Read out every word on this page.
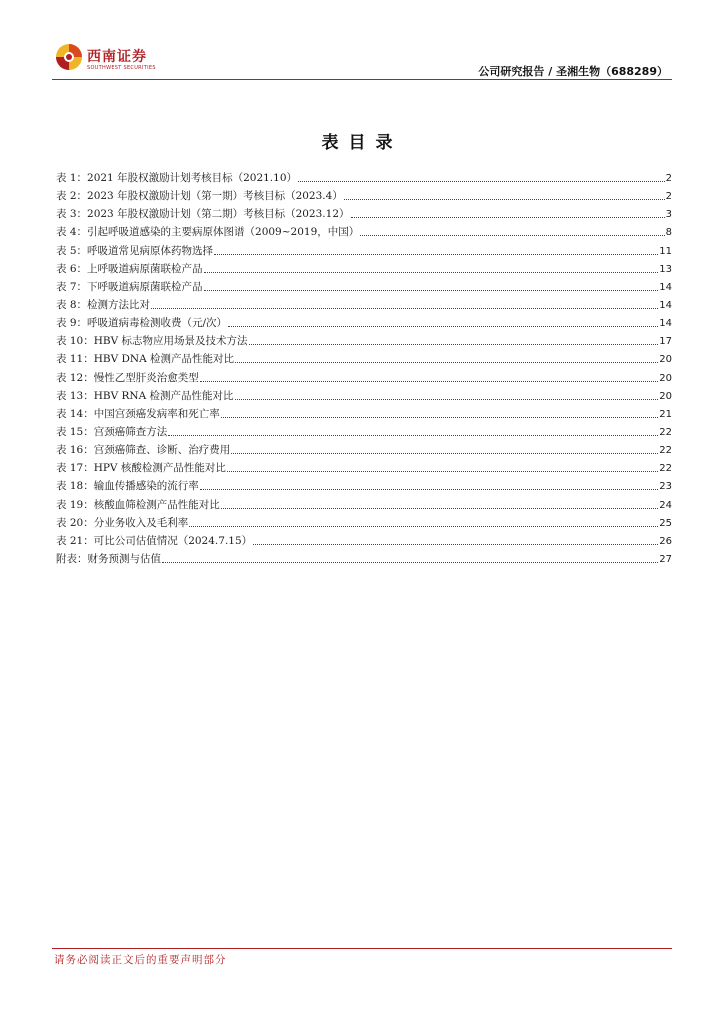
西南证券
SOUTHWEST SECURITIES	公司研究报告 / 圣湘生物（688289）
表目录
表 1：2021 年股权激励计划考核目标（2021.10）	2
表 2：2023 年股权激励计划（第一期）考核目标（2023.4）	2
表 3：2023 年股权激励计划（第二期）考核目标（2023.12）	3
表 4：引起呼吸道感染的主要病原体图谱（2009~2019，中国）	8
表 5：呼吸道常见病原体药物选择	11
表 6：上呼吸道病原菌联检产品	13
表 7：下呼吸道病原菌联检产品	14
表 8：检测方法比对	14
表 9：呼吸道病毒检测收费（元/次）	14
表 10：HBV 标志物应用场景及技术方法	17
表 11：HBV DNA 检测产品性能对比	20
表 12：慢性乙型肝炎治愈类型	20
表 13：HBV RNA 检测产品性能对比	20
表 14：中国宫颈癌发病率和死亡率	21
表 15：宫颈癌筛查方法	22
表 16：宫颈癌筛查、诊断、治疗费用	22
表 17：HPV 核酸检测产品性能对比	22
表 18：输血传播感染的流行率	23
表 19：核酸血筛检测产品性能对比	24
表 20：分业务收入及毛利率	25
表 21：可比公司估值情况（2024.7.15）	26
附表：财务预测与估值	27
请务必阅读正文后的重要声明部分
